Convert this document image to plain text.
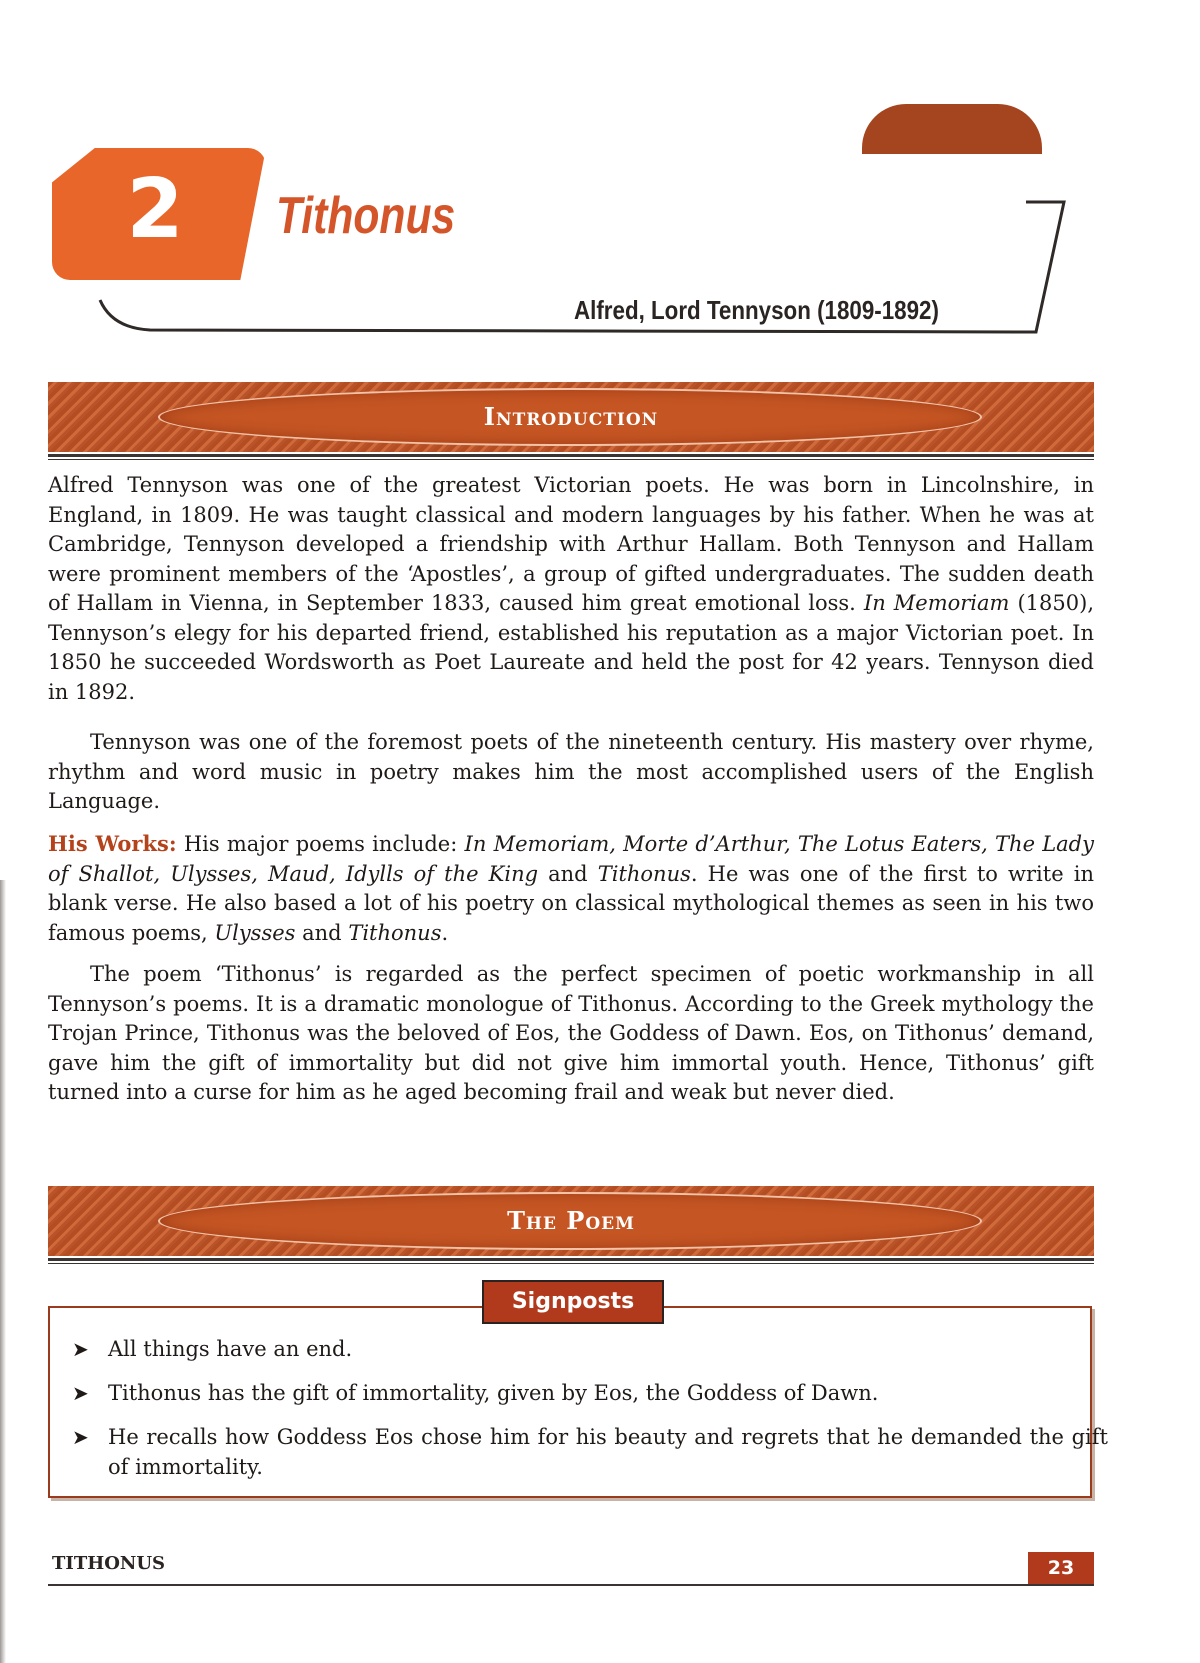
2 Tithonus
Alfred, Lord Tennyson (1809-1892)
Introduction
Alfred Tennyson was one of the greatest Victorian poets. He was born in Lincolnshire, in England, in 1809. He was taught classical and modern languages by his father. When he was at Cambridge, Tennyson developed a friendship with Arthur Hallam. Both Tennyson and Hallam were prominent members of the ‘Apostles’, a group of gifted undergraduates. The sudden death of Hallam in Vienna, in September 1833, caused him great emotional loss. In Memoriam (1850), Tennyson’s elegy for his departed friend, established his reputation as a major Victorian poet. In 1850 he succeeded Wordsworth as Poet Laureate and held the post for 42 years. Tennyson died in 1892.
Tennyson was one of the foremost poets of the nineteenth century. His mastery over rhyme, rhythm and word music in poetry makes him the most accomplished users of the English Language.
His Works: His major poems include: In Memoriam, Morte d’Arthur, The Lotus Eaters, The Lady of Shallot, Ulysses, Maud, Idylls of the King and Tithonus. He was one of the first to write in blank verse. He also based a lot of his poetry on classical mythological themes as seen in his two famous poems, Ulysses and Tithonus.
The poem ‘Tithonus’ is regarded as the perfect specimen of poetic workmanship in all Tennyson’s poems. It is a dramatic monologue of Tithonus. According to the Greek mythology the Trojan Prince, Tithonus was the beloved of Eos, the Goddess of Dawn. Eos, on Tithonus’ demand, gave him the gift of immortality but did not give him immortal youth. Hence, Tithonus’ gift turned into a curse for him as he aged becoming frail and weak but never died.
The Poem
Signposts
➤ All things have an end.
➤ Tithonus has the gift of immortality, given by Eos, the Goddess of Dawn.
➤ He recalls how Goddess Eos chose him for his beauty and regrets that he demanded the gift of immortality.
TITHONUS	23
